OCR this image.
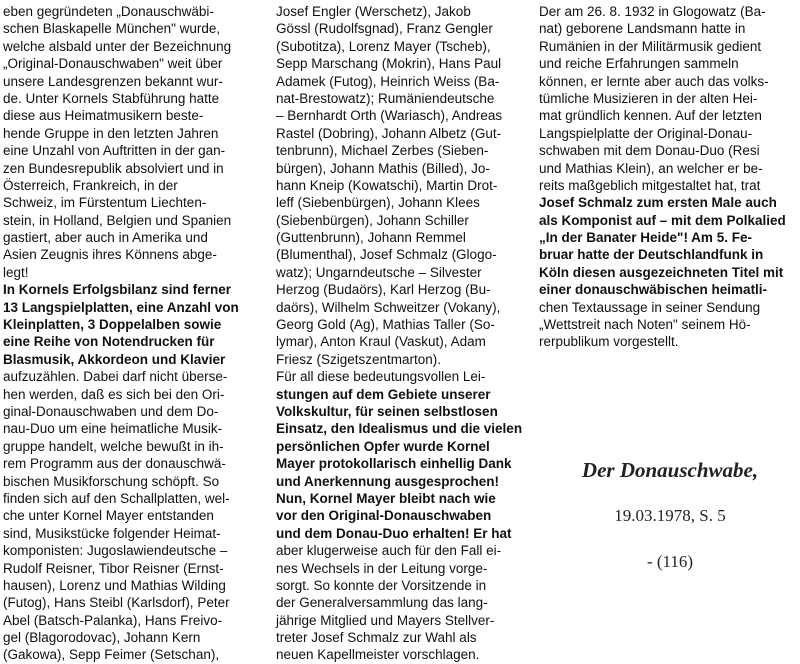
eben gegründeten „Donauschwäbi-
schen Blaskapelle München" wurde,
welche alsbald unter der Bezeichnung
„Original-Donauschwaben" weit über
unsere Landesgrenzen bekannt wur-
de. Unter Kornels Stabführung hatte
diese aus Heimatmusikern beste-
hende Gruppe in den letzten Jahren
eine Unzahl von Auftritten in der gan-
zen Bundesrepublik absolviert und in
Österreich, Frankreich, in der
Schweiz, im Fürstentum Liechten-
stein, in Holland, Belgien und Spanien
gastiert, aber auch in Amerika und
Asien Zeugnis ihres Könnens abge-
legt!
In Kornels Erfolgsbilanz sind ferner
13 Langspielplatten, eine Anzahl von
Kleinplatten, 3 Doppelalben sowie
eine Reihe von Notendrucken für
Blasmusik, Akkordeon und Klavier
aufzuzählen. Dabei darf nicht überse-
hen werden, daß es sich bei den Ori-
ginal-Donauschwaben und dem Do-
nau-Duo um eine heimatliche Musik-
gruppe handelt, welche bewußt in ih-
rem Programm aus der donauschwä-
bischen Musikforschung schöpft. So
finden sich auf den Schallplatten, wel-
che unter Kornel Mayer entstanden
sind, Musikstücke folgender Heimat-
komponisten: Jugoslawiendeutsche –
Rudolf Reisner, Tibor Reisner (Ernst-
hausen), Lorenz und Mathias Wilding
(Futog), Hans Steibl (Karlsdorf), Peter
Abel (Batsch-Palanka), Hans Freivo-
gel (Blagorodovac), Johann Kern
(Gakowa), Sepp Feimer (Setschan),
Josef Engler (Werschetz), Jakob
Gössl (Rudolfsgnad), Franz Gengler
(Subotitza), Lorenz Mayer (Tscheb),
Sepp Marschang (Mokrin), Hans Paul
Adamek (Futog), Heinrich Weiss (Ba-
nat-Brestowatz); Rumäniendeutsche
– Bernhardt Orth (Wariasch), Andreas
Rastel (Dobring), Johann Albetz (Gut-
tenbrunn), Michael Zerbes (Sieben-
bürgen), Johann Mathis (Billed), Jo-
hann Kneip (Kowatschi), Martin Drot-
leff (Siebenbürgen), Johann Klees
(Siebenbürgen), Johann Schiller
(Guttenbrunn), Johann Remmel
(Blumenthal), Josef Schmalz (Glogo-
watz); Ungarndeutsche – Silvester
Herzog (Budaörs), Karl Herzog (Bu-
daörs), Wilhelm Schweitzer (Vokany),
Georg Gold (Ag), Mathias Taller (So-
lymar), Anton Kraul (Vaskut), Adam
Friesz (Szigetszentmarton).
Für all diese bedeutungsvollen Lei-
stungen auf dem Gebiete unserer
Volkskultur, für seinen selbstlosen
Einsatz, den Idealismus und die vielen
persönlichen Opfer wurde Kornel
Mayer protokollarisch einhellig Dank
und Anerkennung ausgesprochen!
Nun, Kornel Mayer bleibt nach wie
vor den Original-Donauschwaben
und dem Donau-Duo erhalten! Er hat
aber klugerweise auch für den Fall ei-
nes Wechsels in der Leitung vorge-
sorgt. So konnte der Vorsitzende in
der Generalversammlung das lang-
jährige Mitglied und Mayers Stellver-
treter Josef Schmalz zur Wahl als
neuen Kapellmeister vorschlagen.
Der am 26. 8. 1932 in Glogowatz (Ba-
nat) geborene Landsmann hatte in
Rumänien in der Militärmusik gedient
und reiche Erfahrungen sammeln
können, er lernte aber auch das volks-
tümliche Musizieren in der alten Hei-
mat gründlich kennen. Auf der letzten
Langspielplatte der Original-Donau-
schwaben mit dem Donau-Duo (Resi
und Mathias Klein), an welcher er be-
reits maßgeblich mitgestaltet hat, trat
Josef Schmalz zum ersten Male auch
als Komponist auf – mit dem Polkalied
„In der Banater Heide"! Am 5. Fe-
bruar hatte der Deutschlandfunk in
Köln diesen ausgezeichneten Titel mit
einer donauschwäbischen heimatli-
chen Textaussage in seiner Sendung
„Wettstreit nach Noten" seinem Hö-
rerpublikum vorgestellt.
Der Donauschwabe,
19.03.1978, S. 5
- (116)
